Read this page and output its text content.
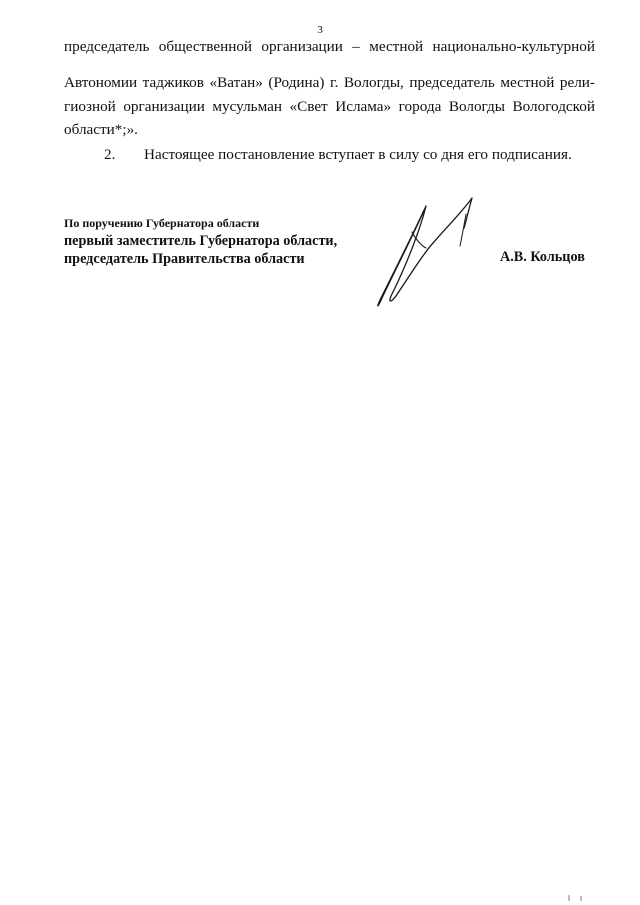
3
председатель общественной организации – местной национально-культурной
Автономии таджиков «Ватан» (Родина) г. Вологды, председатель местной рели-
гиозной организации мусульман «Свет Ислама» города Вологды Вологодской
области*;».
2. Настоящее постановление вступает в силу со дня его подписания.
По поручению Губернатора области
первый заместитель Губернатора области,
председатель Правительства области	А.В. Кольцов
